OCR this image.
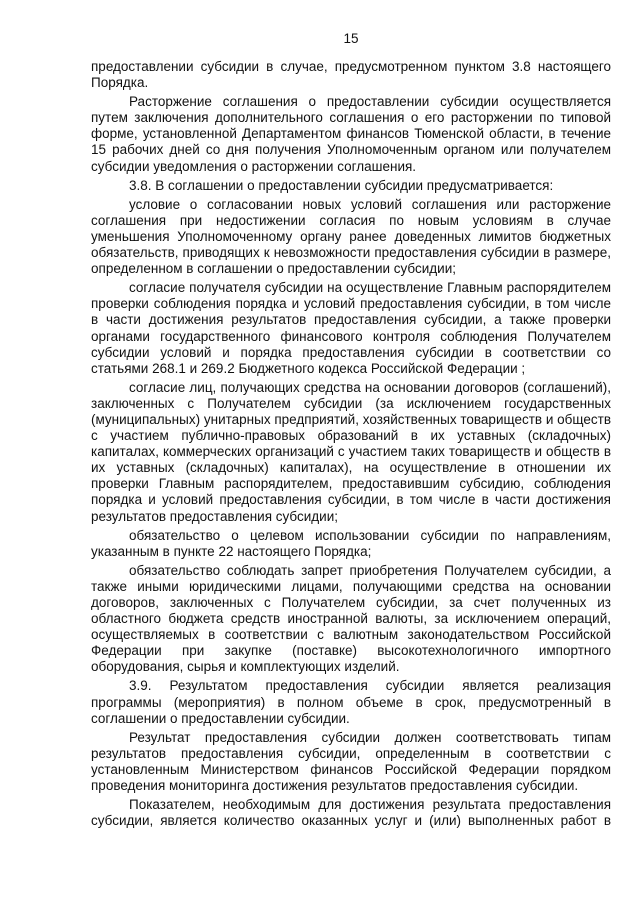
15

предоставлении субсидии в случае, предусмотренном пунктом 3.8 настоящего Порядка.

Расторжение соглашения о предоставлении субсидии осуществляется путем заключения дополнительного соглашения о его расторжении по типовой форме, установленной Департаментом финансов Тюменской области, в течение 15 рабочих дней со дня получения Уполномоченным органом или получателем субсидии уведомления о расторжении соглашения.

3.8. В соглашении о предоставлении субсидии предусматривается:

условие о согласовании новых условий соглашения или расторжение соглашения при недостижении согласия по новым условиям в случае уменьшения Уполномоченному органу ранее доведенных лимитов бюджетных обязательств, приводящих к невозможности предоставления субсидии в размере, определенном в соглашении о предоставлении субсидии;

согласие получателя субсидии на осуществление Главным распорядителем проверки соблюдения порядка и условий предоставления субсидии, в том числе в части достижения результатов предоставления субсидии, а также проверки органами государственного финансового контроля соблюдения Получателем субсидии условий и порядка предоставления субсидии в соответствии со статьями 268.1 и 269.2 Бюджетного кодекса Российской Федерации ;

согласие лиц, получающих средства на основании договоров (соглашений), заключенных с Получателем субсидии (за исключением государственных (муниципальных) унитарных предприятий, хозяйственных товариществ и обществ с участием публично-правовых образований в их уставных (складочных) капиталах, коммерческих организаций с участием таких товариществ и обществ в их уставных (складочных) капиталах), на осуществление в отношении их проверки Главным распорядителем, предоставившим субсидию, соблюдения порядка и условий предоставления субсидии, в том числе в части достижения результатов предоставления субсидии;

обязательство о целевом использовании субсидии по направлениям, указанным в пункте 22 настоящего Порядка;

обязательство соблюдать запрет приобретения Получателем субсидии, а также иными юридическими лицами, получающими средства на основании договоров, заключенных с Получателем субсидии, за счет полученных из областного бюджета средств иностранной валюты, за исключением операций, осуществляемых в соответствии с валютным законодательством Российской Федерации при закупке (поставке) высокотехнологичного импортного оборудования, сырья и комплектующих изделий.

3.9. Результатом предоставления субсидии является реализация программы (мероприятия) в полном объеме в срок, предусмотренный в соглашении о предоставлении субсидии.

Результат предоставления субсидии должен соответствовать типам результатов предоставления субсидии, определенным в соответствии с установленным Министерством финансов Российской Федерации порядком проведения мониторинга достижения результатов предоставления субсидии.

Показателем, необходимым для достижения результата предоставления субсидии, является количество оказанных услуг и (или) выполненных работ в
